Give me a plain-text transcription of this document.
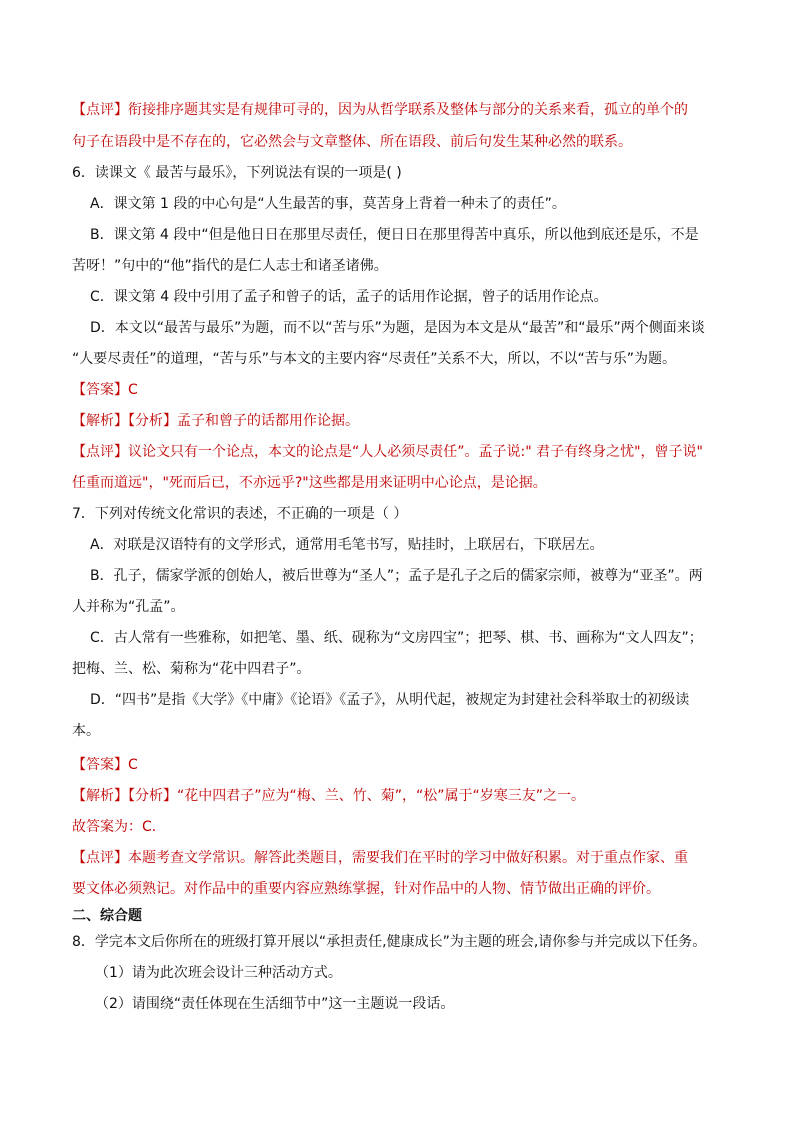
【点评】衔接排序题其实是有规律可寻的，因为从哲学联系及整体与部分的关系来看，孤立的单个的
句子在语段中是不存在的，它必然会与文章整体、所在语段、前后句发生某种必然的联系。
6．读课文《 最苦与最乐》，下列说法有误的一项是( )
A．课文第 1 段的中心句是“人生最苦的事，莫苦身上背着一种未了的责任”。
B．课文第 4 段中“但是他日日在那里尽责任，便日日在那里得苦中真乐，所以他到底还是乐，不是
苦呀！”句中的“他”指代的是仁人志士和诸圣诸佛。
C．课文第 4 段中引用了孟子和曾子的话，孟子的话用作论据，曾子的话用作论点。
D．本文以“最苦与最乐”为题，而不以“苦与乐”为题，是因为本文是从“最苦”和“最乐”两个侧面来谈
“人要尽责任”的道理，“苦与乐”与本文的主要内容“尽责任”关系不大，所以，不以“苦与乐”为题。
【答案】C
【解析】【分析】孟子和曾子的话都用作论据。
【点评】议论文只有一个论点，本文的论点是“人人必须尽责任”。孟子说:" 君子有终身之忧"，曾子说"
任重而道远"，"死而后已，不亦远乎?"这些都是用来证明中心论点，是论据。
7．下列对传统文化常识的表述，不正确的一项是（ ）
A．对联是汉语特有的文学形式，通常用毛笔书写，贴挂时，上联居右，下联居左。
B．孔子，儒家学派的创始人，被后世尊为“圣人”；孟子是孔子之后的儒家宗师，被尊为“亚圣”。两
人并称为“孔孟”。
C．古人常有一些雅称，如把笔、墨、纸、砚称为“文房四宝”；把琴、棋、书、画称为“文人四友”；
把梅、兰、松、菊称为“花中四君子”。
D．“四书”是指《大学》《中庸》《论语》《孟子》，从明代起，被规定为封建社会科举取士的初级读
本。
【答案】C
【解析】【分析】“花中四君子”应为“梅、兰、竹、菊”，“松”属于“岁寒三友”之一。
故答案为：C.
【点评】本题考查文学常识。解答此类题目，需要我们在平时的学习中做好积累。对于重点作家、重
要文体必须熟记。对作品中的重要内容应熟练掌握，针对作品中的人物、情节做出正确的评价。
二、综合题
8．学完本文后你所在的班级打算开展以“承担责任,健康成长”为主题的班会,请你参与并完成以下任务。
（1）请为此次班会设计三种活动方式。
（2）请围绕“责任体现在生活细节中”这一主题说一段话。
